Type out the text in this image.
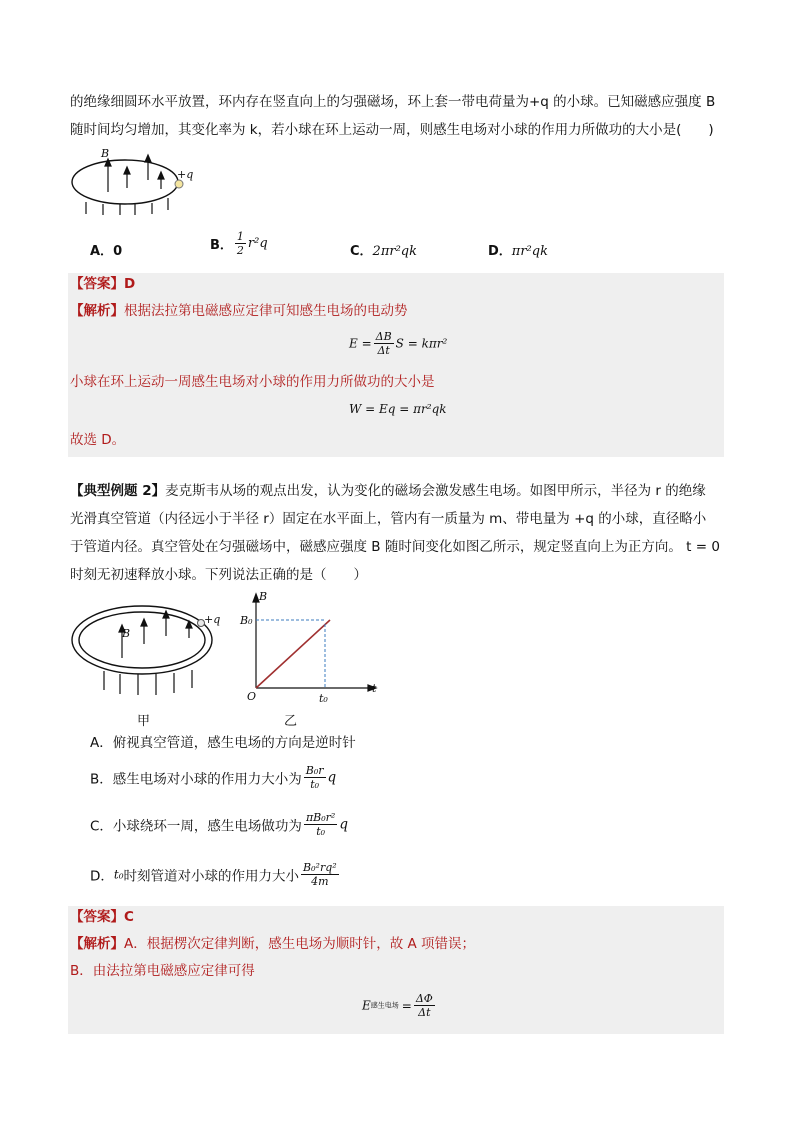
的绝缘细圆环水平放置，环内存在竖直向上的匀强磁场，环上套一带电荷量为+q 的小球。已知磁感应强度 B
随时间均匀增加，其变化率为 k，若小球在环上运动一周，则感生电场对小球的作用力所做功的大小是(　　)
B
+q
A．0	B． $\frac{1}{2} r^2q$
C．2πr²qk	D．πr²qk
【答案】D
【解析】根据法拉第电磁感应定律可知感生电场的电动势
$E = \frac{\Delta B}{\Delta t}$ S = kπr²
小球在环上运动一周感生电场对小球的作用力所做功的大小是
W = Eq = πr²qk
故选 D。
【典型例题 2】麦克斯韦从场的观点出发，认为变化的磁场会激发感生电场。如图甲所示，半径为 r 的绝缘
光滑真空管道（内径远小于半径 r）固定在水平面上，管内有一质量为 m、带电量为 +q 的小球，直径略小
于管道内径。真空管处在匀强磁场中，磁感应强度 B 随时间变化如图乙所示，规定竖直向上为正方向。 t = 0
时刻无初速释放小球。下列说法正确的是（　　）
B
+q
甲
B
B₀
t
O	t₀
乙
A．俯视真空管道，感生电场的方向是逆时针
B．感生电场对小球的作用力大小为 $\frac{\text{B₀r}}{\text{t₀}}$ q
C．小球绕环一周，感生电场做功为 $\frac{\text{πB₀r²}}{\text{t₀}}$ q
D．t₀时刻管道对小球的作用力大小 $\frac{\text{B₀²rq²}}{4m}$
【答案】C
【解析】A．根据楞次定律判断，感生电场为顺时针，故 A 项错误；
B．由法拉第电磁感应定律可得
E感生电场 = $\frac{\Delta\Phi}{\Delta t}$
